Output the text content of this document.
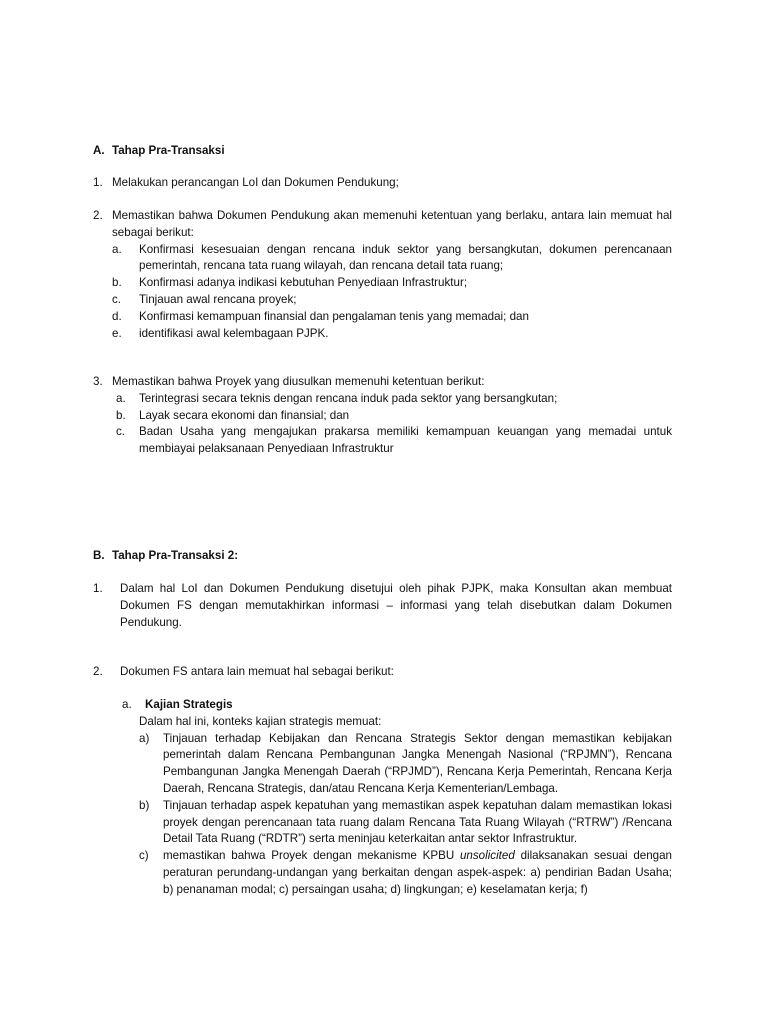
A. Tahap Pra-Transaksi
1. Melakukan perancangan LoI dan Dokumen Pendukung;
2. Memastikan bahwa Dokumen Pendukung akan memenuhi ketentuan yang berlaku, antara lain memuat hal sebagai berikut:
a. Konfirmasi kesesuaian dengan rencana induk sektor yang bersangkutan, dokumen perencanaan pemerintah, rencana tata ruang wilayah, dan rencana detail tata ruang;
b. Konfirmasi adanya indikasi kebutuhan Penyediaan Infrastruktur;
c. Tinjauan awal rencana proyek;
d. Konfirmasi kemampuan finansial dan pengalaman tenis yang memadai; dan
e. identifikasi awal kelembagaan PJPK.
3. Memastikan bahwa Proyek yang diusulkan memenuhi ketentuan berikut:
a. Terintegrasi secara teknis dengan rencana induk pada sektor yang bersangkutan;
b. Layak secara ekonomi dan finansial; dan
c. Badan Usaha yang mengajukan prakarsa memiliki kemampuan keuangan yang memadai untuk membiayai pelaksanaan Penyediaan Infrastruktur
B. Tahap Pra-Transaksi 2:
1. Dalam hal LoI dan Dokumen Pendukung disetujui oleh pihak PJPK, maka Konsultan akan membuat Dokumen FS dengan memutakhirkan informasi – informasi yang telah disebutkan dalam Dokumen Pendukung.
2. Dokumen FS antara lain memuat hal sebagai berikut:
a. Kajian Strategis
Dalam hal ini, konteks kajian strategis memuat:
a) Tinjauan terhadap Kebijakan dan Rencana Strategis Sektor dengan memastikan kebijakan pemerintah dalam Rencana Pembangunan Jangka Menengah Nasional (“RPJMN”), Rencana Pembangunan Jangka Menengah Daerah (“RPJMD”), Rencana Kerja Pemerintah, Rencana Kerja Daerah, Rencana Strategis, dan/atau Rencana Kerja Kementerian/Lembaga.
b) Tinjauan terhadap aspek kepatuhan yang memastikan aspek kepatuhan dalam memastikan lokasi proyek dengan perencanaan tata ruang dalam Rencana Tata Ruang Wilayah (“RTRW”) /Rencana Detail Tata Ruang (“RDTR”) serta meninjau keterkaitan antar sektor Infrastruktur.
c) memastikan bahwa Proyek dengan mekanisme KPBU unsolicited dilaksanakan sesuai dengan peraturan perundang-undangan yang berkaitan dengan aspek-aspek: a) pendirian Badan Usaha; b) penanaman modal; c) persaingan usaha; d) lingkungan; e) keselamatan kerja; f)
